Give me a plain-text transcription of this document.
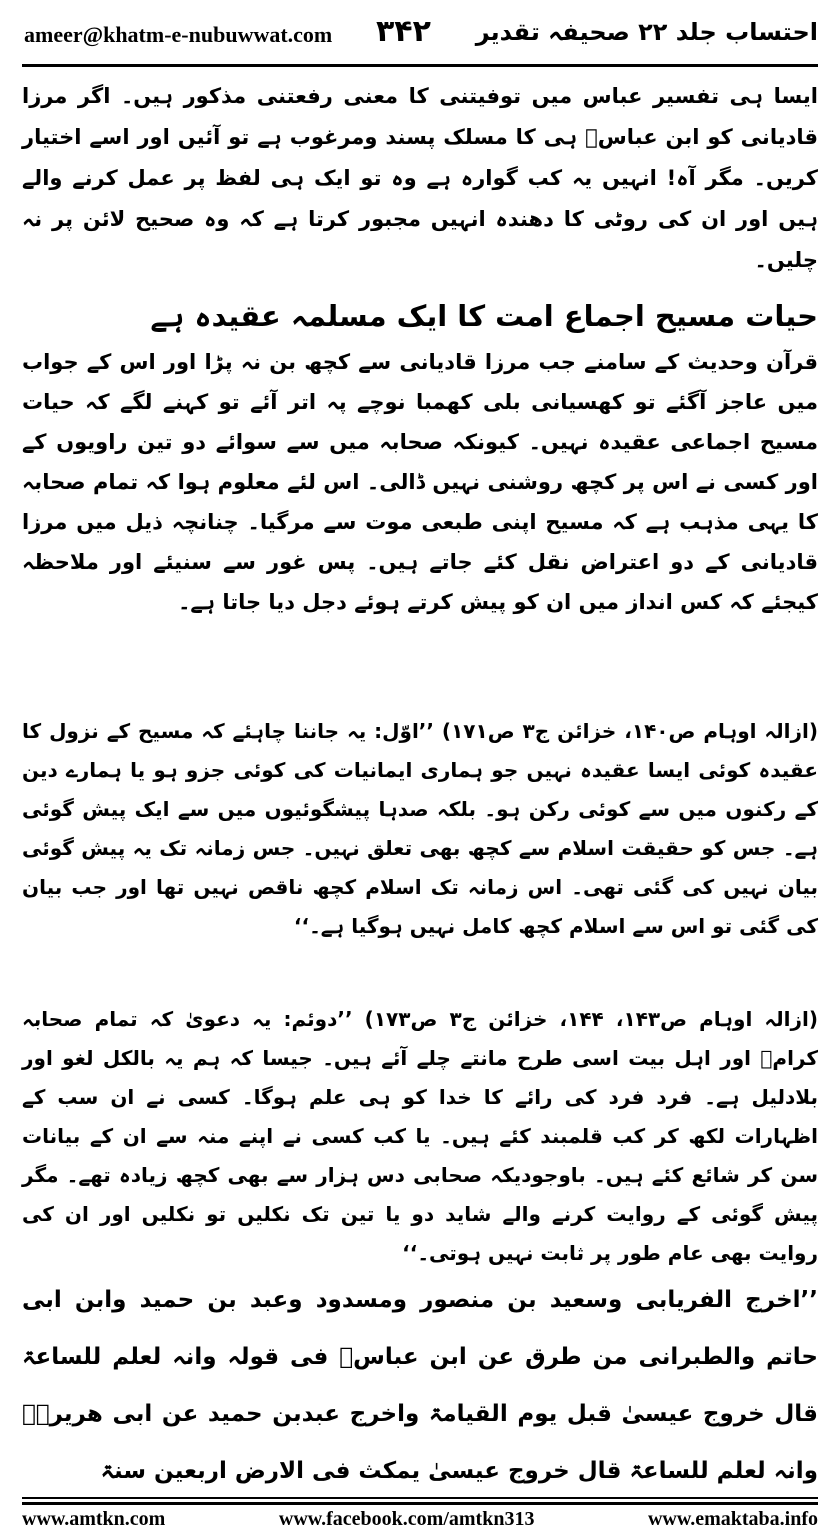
ameer@khatm-e-nubuwwat.com ۳۴۲ احتساب جلد ۲۲ صحیفہ تقدیر
ایسا ہی تفسیر عباس میں توفیتنی کا معنی رفعتنی مذکور ہیں۔ اگر مرزا قادیانی کو ابن عباسؓ ہی کا مسلک پسند ومرغوب ہے تو آئیں اور اسے اختیار کریں۔ مگر آہ! انہیں یہ کب گوارہ ہے وہ تو ایک ہی لفظ پر عمل کرنے والے ہیں اور ان کی روٹی کا دھندہ انہیں مجبور کرتا ہے کہ وہ صحیح لائن پر نہ چلیں۔
حیات مسیح اجماع امت کا ایک مسلمہ عقیدہ ہے
قرآن وحدیث کے سامنے جب مرزا قادیانی سے کچھ بن نہ پڑا اور اس کے جواب میں عاجز آگئے تو کھسیانی بلی کھمبا نوچے پہ اتر آئے تو کہنے لگے کہ حیات مسیح اجماعی عقیدہ نہیں۔ کیونکہ صحابہ میں سے سوائے دو تین راویوں کے اور کسی نے اس پر کچھ روشنی نہیں ڈالی۔ اس لئے معلوم ہوا کہ تمام صحابہ کا یہی مذہب ہے کہ مسیح اپنی طبعی موت سے مرگیا۔ چنانچہ ذیل میں مرزا قادیانی کے دو اعتراض نقل کئے جاتے ہیں۔ پس غور سے سنیئے اور ملاحظہ کیجئے کہ کس انداز میں ان کو پیش کرتے ہوئے دجل دیا جاتا ہے۔
(ازالہ اوہام ص۱۴۰، خزائن ج۳ ص۱۷۱) ’’اوّل: یہ جاننا چاہئے کہ مسیح کے نزول کا عقیدہ کوئی ایسا عقیدہ نہیں جو ہماری ایمانیات کی کوئی جزو ہو یا ہمارے دین کے رکنوں میں سے کوئی رکن ہو۔ بلکہ صدہا پیشگوئیوں میں سے ایک پیش گوئی ہے۔ جس کو حقیقت اسلام سے کچھ بھی تعلق نہیں۔ جس زمانہ تک یہ پیش گوئی بیان نہیں کی گئی تھی۔ اس زمانہ تک اسلام کچھ ناقص نہیں تھا اور جب بیان کی گئی تو اس سے اسلام کچھ کامل نہیں ہوگیا ہے۔‘‘
(ازالہ اوہام ص۱۴۳، ۱۴۴، خزائن ج۳ ص۱۷۳) ’’دوئم: یہ دعویٰ کہ تمام صحابہ کرامؓ اور اہل بیت اسی طرح مانتے چلے آئے ہیں۔ جیسا کہ ہم یہ بالکل لغو اور بلادلیل ہے۔ فرد فرد کی رائے کا خدا کو ہی علم ہوگا۔ کسی نے ان سب کے اظہارات لکھ کر کب قلمبند کئے ہیں۔ یا کب کسی نے اپنے منہ سے ان کے بیانات سن کر شائع کئے ہیں۔ باوجودیکہ صحابی دس ہزار سے بھی کچھ زیادہ تھے۔ مگر پیش گوئی کے روایت کرنے والے شاید دو یا تین تک نکلیں تو نکلیں اور ان کی روایت بھی عام طور پر ثابت نہیں ہوتی۔‘‘
’’اخرج الفریابی وسعید بن منصور ومسدود وعبد بن حمید وابن ابی حاتم والطبرانی من طرق عن ابن عباسؓ فی قولہ وانہ لعلم للساعۃ قال خروج عیسیٰ قبل یوم القیامۃ واخرج عبدبن حمید عن ابی ھریرۃؓ وانہ لعلم للساعۃ قال خروج عیسیٰ یمکث فی الارض اربعین سنۃ
www.amtkn.com	www.facebook.com/amtkn313	www.emaktaba.info
